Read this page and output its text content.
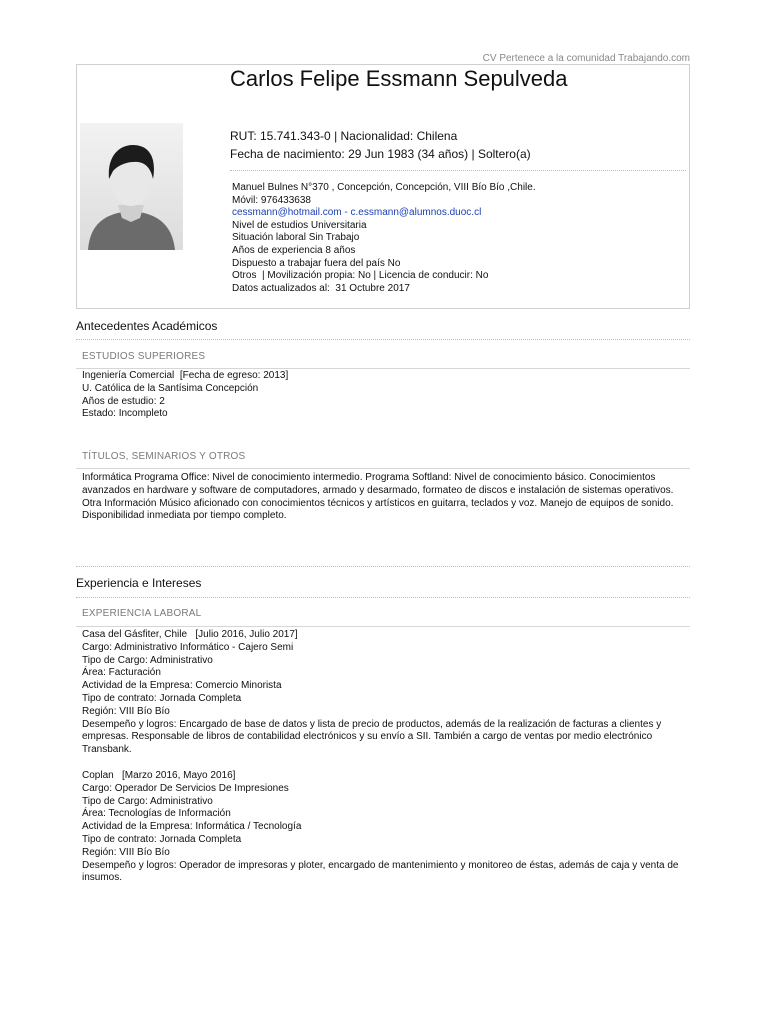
CV Pertenece a la comunidad Trabajando.com
Carlos Felipe Essmann Sepulveda
RUT: 15.741.343-0 | Nacionalidad: Chilena
Fecha de nacimiento: 29 Jun 1983 (34 años) | Soltero(a)
Manuel Bulnes N°370 , Concepción, Concepción, VIII Bío Bío ,Chile.
Móvil: 976433638
cessmann@hotmail.com - c.essmann@alumnos.duoc.cl
Nivel de estudios Universitaria
Situación laboral Sin Trabajo
Años de experiencia 8 años
Dispuesto a trabajar fuera del país No
Otros  | Movilización propia: No | Licencia de conducir: No
Datos actualizados al:  31 Octubre 2017
Antecedentes Académicos
ESTUDIOS SUPERIORES

Ingeniería Comercial  [Fecha de egreso: 2013]

U. Católica de la Santísima Concepción

Años de estudio: 2

Estado: Incompleto

TÍTULOS, SEMINARIOS Y OTROS
Informática Programa Office: Nivel de conocimiento intermedio. Programa Softland: Nivel de conocimiento básico. Conocimientos avanzados en hardware y software de computadores, armado y desarmado, formateo de discos e instalación de sistemas operativos. Otra Información Músico aficionado con conocimientos técnicos y artísticos en guitarra, teclados y voz. Manejo de equipos de sonido. Disponibilidad inmediata por tiempo completo.
Experiencia e Intereses
EXPERIENCIA LABORAL

Casa del Gásfiter, Chile   [Julio 2016, Julio 2017]

Cargo: Administrativo Informático - Cajero Semi

Tipo de Cargo: Administrativo

Área: Facturación

Actividad de la Empresa: Comercio Minorista

Tipo de contrato: Jornada Completa

Región: VIII Bío Bío

Desempeño y logros: Encargado de base de datos y lista de precio de productos, además de la realización de facturas a clientes y empresas. Responsable de libros de contabilidad electrónicos y su envío a SII. También a cargo de ventas por medio electrónico Transbank.

Coplan   [Marzo 2016, Mayo 2016]

Cargo: Operador De Servicios De Impresiones

Tipo de Cargo: Administrativo

Área: Tecnologías de Información

Actividad de la Empresa: Informática / Tecnología

Tipo de contrato: Jornada Completa

Región: VIII Bío Bío

Desempeño y logros: Operador de impresoras y ploter, encargado de mantenimiento y monitoreo de éstas, además de caja y venta de insumos.
